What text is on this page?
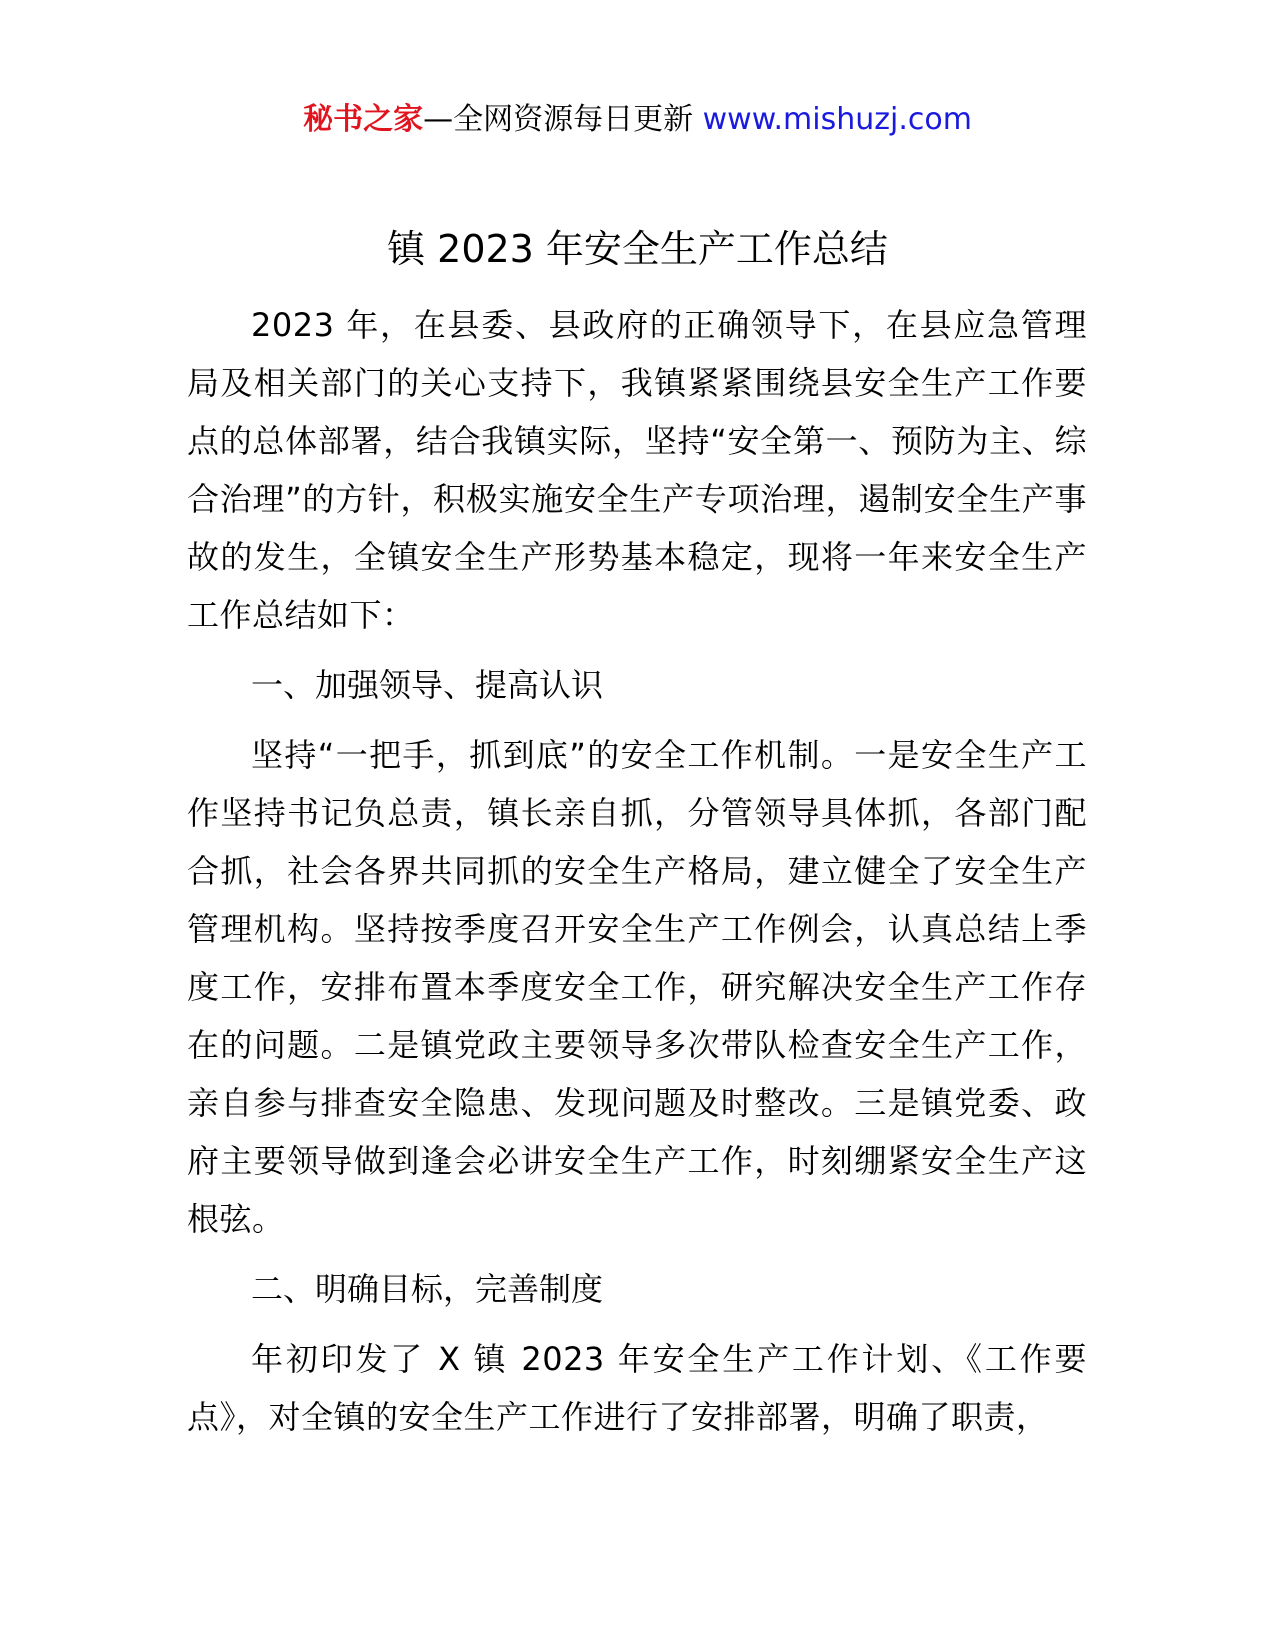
秘书之家—全网资源每日更新 www.mishuzj.com
镇 2023 年安全生产工作总结

2023 年，在县委、县政府的正确领导下，在县应急管理局及相关部门的关心支持下，我镇紧紧围绕县安全生产工作要点的总体部署，结合我镇实际，坚持“安全第一、预防为主、综合治理”的方针，积极实施安全生产专项治理，遏制安全生产事故的发生，全镇安全生产形势基本稳定，现将一年来安全生产工作总结如下：

一、加强领导、提高认识

坚持“一把手，抓到底”的安全工作机制。一是安全生产工作坚持书记负总责，镇长亲自抓，分管领导具体抓，各部门配合抓，社会各界共同抓的安全生产格局，建立健全了安全生产管理机构。坚持按季度召开安全生产工作例会，认真总结上季度工作，安排布置本季度安全工作，研究解决安全生产工作存在的问题。二是镇党政主要领导多次带队检查安全生产工作，亲自参与排查安全隐患、发现问题及时整改。三是镇党委、政府主要领导做到逢会必讲安全生产工作，时刻绷紧安全生产这根弦。

二、明确目标，完善制度

年初印发了 X 镇 2023 年安全生产工作计划、《工作要点》，对全镇的安全生产工作进行了安排部署，明确了职责，
